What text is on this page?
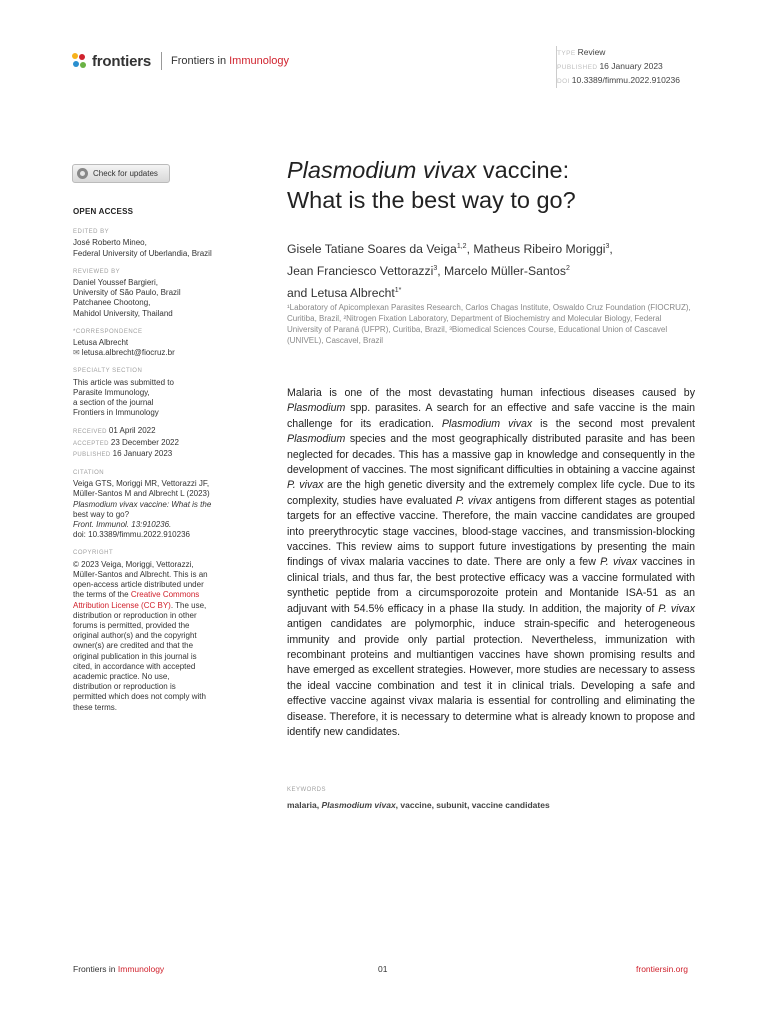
frontiers Frontiers in Immunology
TYPE Review
PUBLISHED 16 January 2023
DOI 10.3389/fimmu.2022.910236
Check for updates
OPEN ACCESS
EDITED BY
José Roberto Mineo,
Federal University of Uberlandia, Brazil
REVIEWED BY
Daniel Youssef Bargieri,
University of São Paulo, Brazil
Patchanee Chootong,
Mahidol University, Thailand
*CORRESPONDENCE
Letusa Albrecht
✉ letusa.albrecht@fiocruz.br
SPECIALTY SECTION
This article was submitted to
Parasite Immunology,
a section of the journal
Frontiers in Immunology
RECEIVED 01 April 2022
ACCEPTED 23 December 2022
PUBLISHED 16 January 2023
CITATION
Veiga GTS, Moriggi MR, Vettorazzi JF,
Müller-Santos M and Albrecht L (2023)
Plasmodium vivax vaccine: What is the
best way to go?
Front. Immunol. 13:910236.
doi: 10.3389/fimmu.2022.910236
COPYRIGHT
© 2023 Veiga, Moriggi, Vettorazzi,
Müller-Santos and Albrecht. This is an
open-access article distributed under
the terms of the Creative Commons
Attribution License (CC BY). The use,
distribution or reproduction in other
forums is permitted, provided the
original author(s) and the copyright
owner(s) are credited and that the
original publication in this journal is
cited, in accordance with accepted
academic practice. No use,
distribution or reproduction is
permitted which does not comply with
these terms.
Plasmodium vivax vaccine:
What is the best way to go?
Gisele Tatiane Soares da Veiga$^{1,2}$, Matheus Ribeiro Moriggi$^3$,
Jean Franciesco Vettorazzi$^3$, Marcelo Müller-Santos$^2$
and Letusa Albrecht$^{1*}$
¹Laboratory of Apicomplexan Parasites Research, Carlos Chagas Institute, Oswaldo Cruz Foundation (FIOCRUZ), Curitiba, Brazil, ²Nitrogen Fixation Laboratory, Department of Biochemistry and Molecular Biology, Federal University of Paraná (UFPR), Curitiba, Brazil, ³Biomedical Sciences Course, Educational Union of Cascavel (UNIVEL), Cascavel, Brazil
Malaria is one of the most devastating human infectious diseases caused by Plasmodium spp. parasites. A search for an effective and safe vaccine is the main challenge for its eradication. Plasmodium vivax is the second most prevalent Plasmodium species and the most geographically distributed parasite and has been neglected for decades. This has a massive gap in knowledge and consequently in the development of vaccines. The most significant difficulties in obtaining a vaccine against P. vivax are the high genetic diversity and the extremely complex life cycle. Due to its complexity, studies have evaluated P. vivax antigens from different stages as potential targets for an effective vaccine. Therefore, the main vaccine candidates are grouped into preerythrocytic stage vaccines, blood-stage vaccines, and transmission-blocking vaccines. This review aims to support future investigations by presenting the main findings of vivax malaria vaccines to date. There are only a few P. vivax vaccines in clinical trials, and thus far, the best protective efficacy was a vaccine formulated with synthetic peptide from a circumsporozoite protein and Montanide ISA-51 as an adjuvant with 54.5% efficacy in a phase IIa study. In addition, the majority of P. vivax antigen candidates are polymorphic, induce strain-specific and heterogeneous immunity and provide only partial protection. Nevertheless, immunization with recombinant proteins and multiantigen vaccines have shown promising results and have emerged as excellent strategies. However, more studies are necessary to assess the ideal vaccine combination and test it in clinical trials. Developing a safe and effective vaccine against vivax malaria is essential for controlling and eliminating the disease. Therefore, it is necessary to determine what is already known to propose and identify new candidates.
KEYWORDS
malaria, Plasmodium vivax, vaccine, subunit, vaccine candidates
Frontiers in Immunology	01	frontiersin.org
